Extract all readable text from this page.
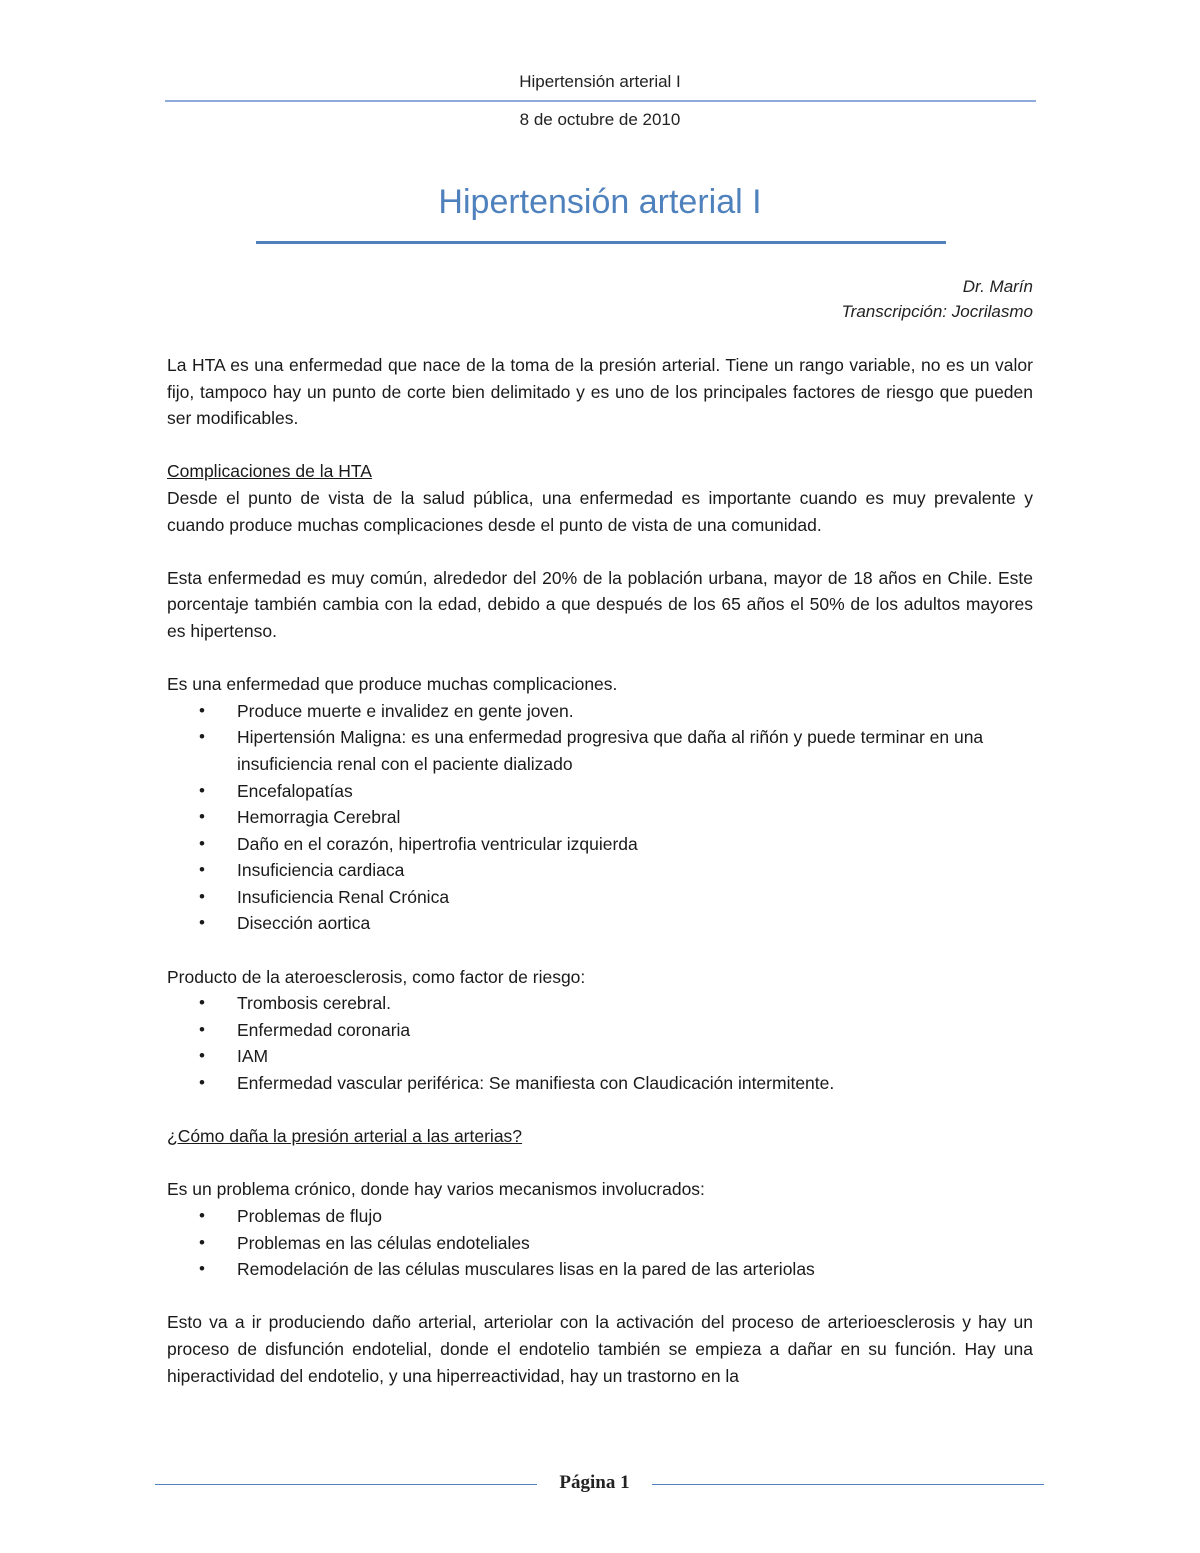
Hipertensión arterial I
8 de octubre de 2010
Hipertensión arterial I
Dr. Marín
Transcripción: Jocrilasmo

La HTA es una enfermedad que nace de la toma de la presión arterial. Tiene un rango variable, no es un valor fijo, tampoco hay un punto de corte bien delimitado y es uno de los principales factores de riesgo que pueden ser modificables.

Complicaciones de la HTA

Desde el punto de vista de la salud pública, una enfermedad es importante cuando es muy prevalente y cuando produce muchas complicaciones desde el punto de vista de una comunidad.

Esta enfermedad es muy común, alrededor del 20% de la población urbana, mayor de 18 años en Chile. Este porcentaje también cambia con la edad, debido a que después de los 65 años el 50% de los adultos mayores es hipertenso.

Es una enfermedad que produce muchas complicaciones.

• Produce muerte e invalidez en gente joven.
• Hipertensión Maligna: es una enfermedad progresiva que daña al riñón y puede terminar en una insuficiencia renal con el paciente dializado
• Encefalopatías
• Hemorragia Cerebral
• Daño en el corazón, hipertrofia ventricular izquierda
• Insuficiencia cardiaca
• Insuficiencia Renal Crónica
• Disección aortica

Producto de la ateroesclerosis, como factor de riesgo:

• Trombosis cerebral.
• Enfermedad coronaria
• IAM
• Enfermedad vascular periférica: Se manifiesta con Claudicación intermitente.

¿Cómo daña la presión arterial a las arterias?

Es un problema crónico, donde hay varios mecanismos involucrados:

• Problemas de flujo
• Problemas en las células endoteliales
• Remodelación de las células musculares lisas en la pared de las arteriolas

Esto va a ir produciendo daño arterial, arteriolar con la activación del proceso de arterioesclerosis y hay un proceso de disfunción endotelial, donde el endotelio también se empieza a dañar en su función. Hay una hiperactividad del endotelio, y una hiperreactividad, hay un trastorno en la

Página 1
